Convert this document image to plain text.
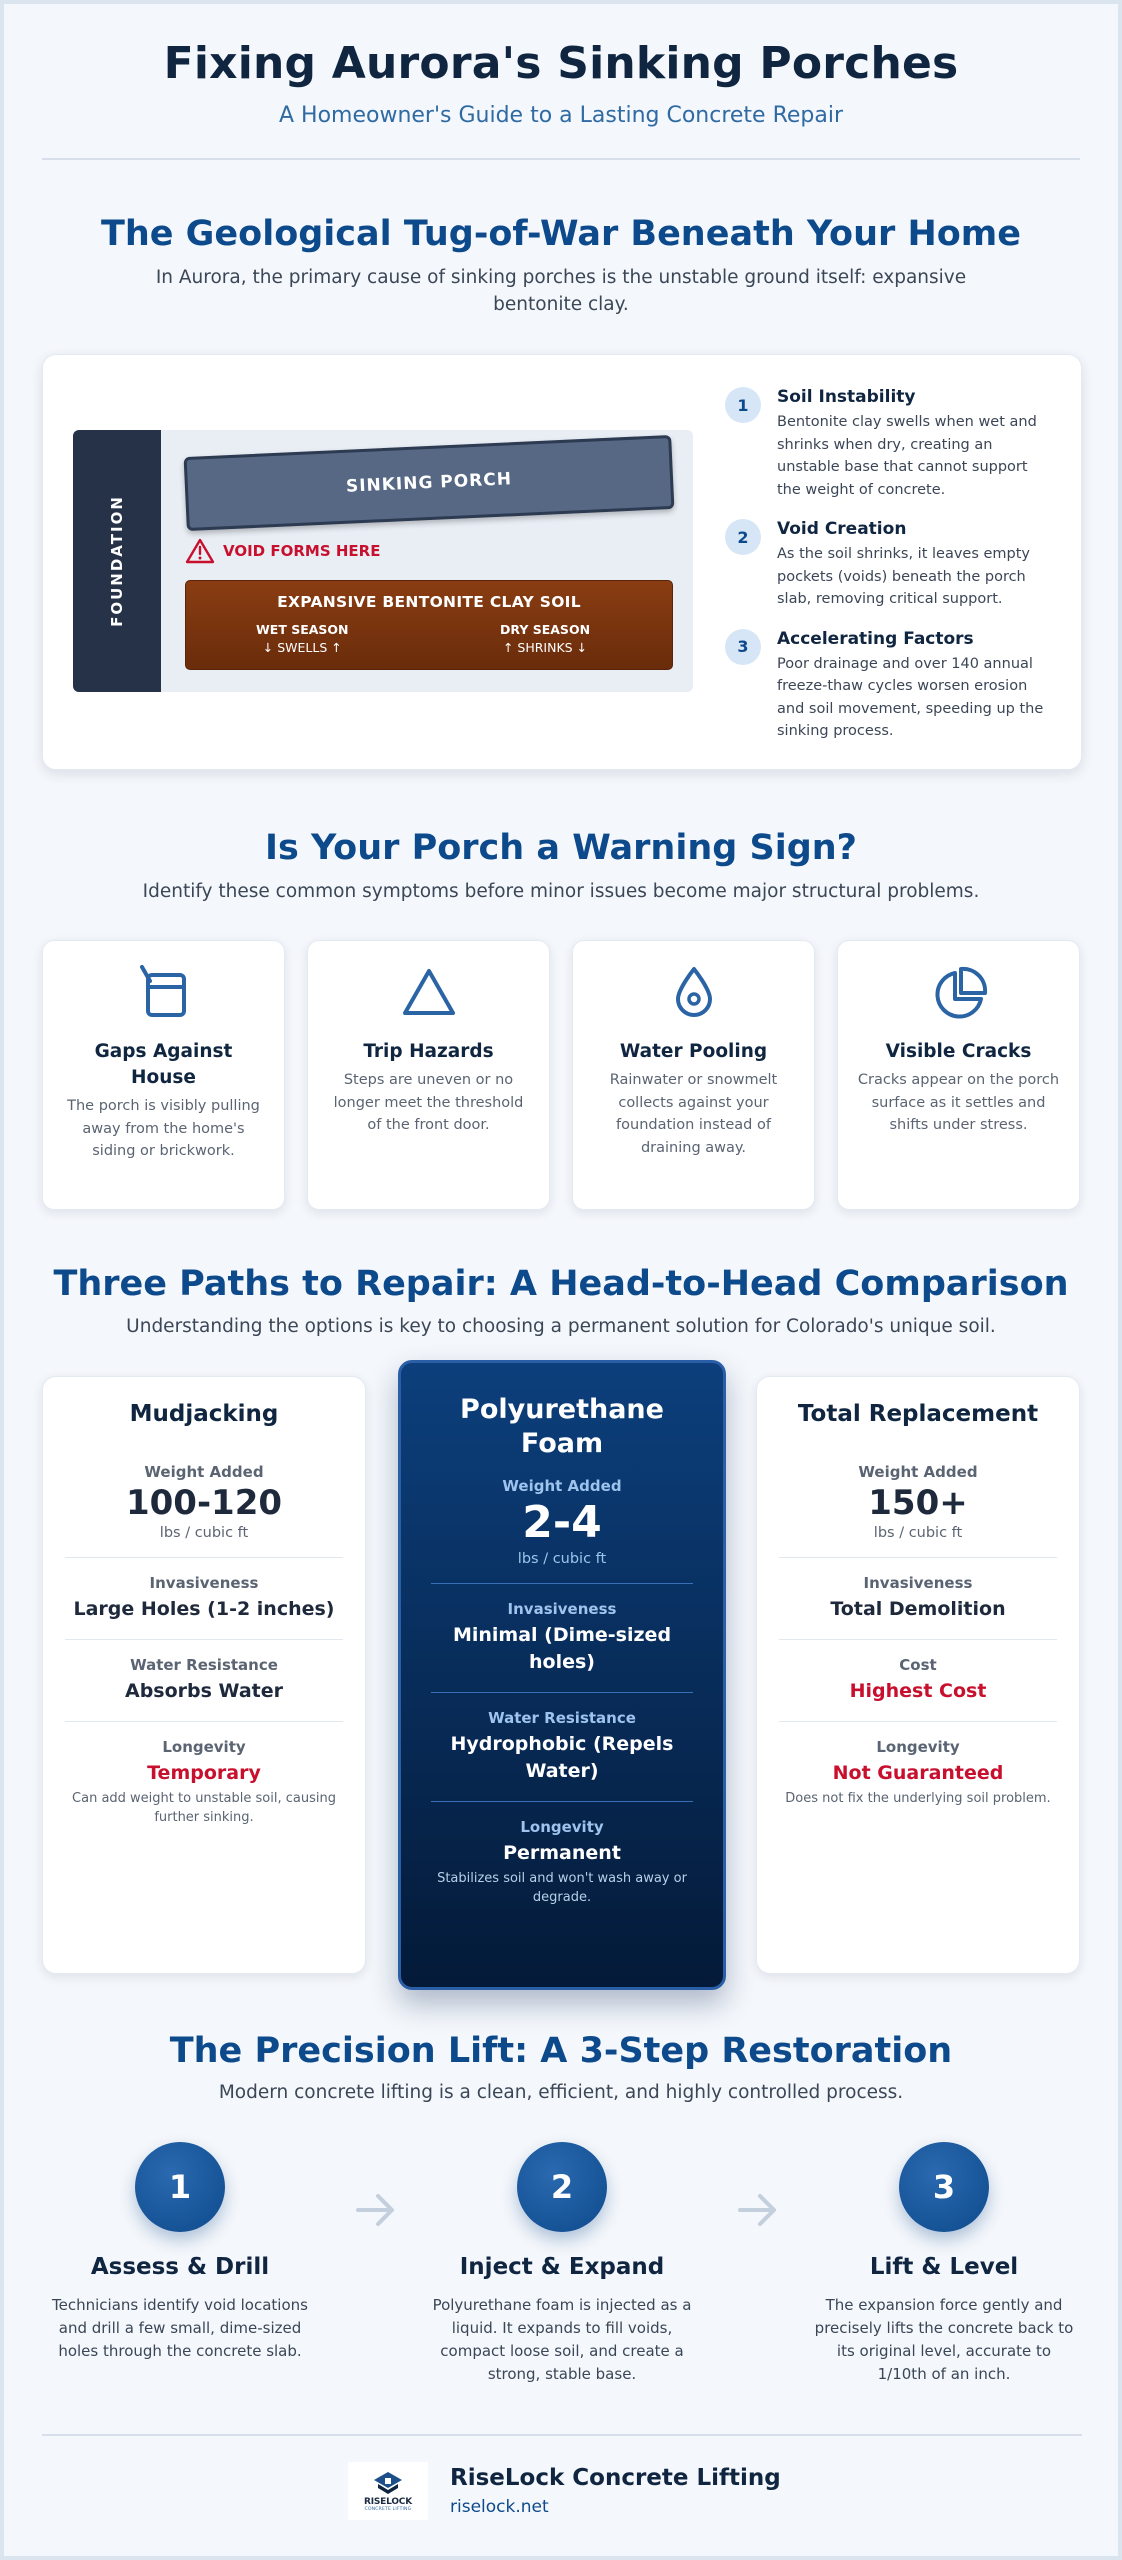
Fixing Aurora's Sinking Porches
A Homeowner's Guide to a Lasting Concrete Repair
The Geological Tug-of-War Beneath Your Home
In Aurora, the primary cause of sinking porches is the unstable ground itself: expansive bentonite clay.
FOUNDATION
SINKING PORCH
VOID FORMS HERE
EXPANSIVE BENTONITE CLAY SOIL
WET SEASON
↓ SWELLS ↑
DRY SEASON
↑ SHRINKS ↓
1	Soil Instability
Bentonite clay swells when wet and shrinks when dry, creating an unstable base that cannot support the weight of concrete.
2	Void Creation
As the soil shrinks, it leaves empty pockets (voids) beneath the porch slab, removing critical support.
3	Accelerating Factors
Poor drainage and over 140 annual freeze-thaw cycles worsen erosion and soil movement, speeding up the sinking process.
Is Your Porch a Warning Sign?
Identify these common symptoms before minor issues become major structural problems.
Gaps Against House
The porch is visibly pulling away from the home's siding or brickwork.
Trip Hazards
Steps are uneven or no longer meet the threshold of the front door.
Water Pooling
Rainwater or snowmelt collects against your foundation instead of draining away.
Visible Cracks
Cracks appear on the porch surface as it settles and shifts under stress.
Three Paths to Repair: A Head-to-Head Comparison
Understanding the options is key to choosing a permanent solution for Colorado's unique soil.
Mudjacking
Weight Added
100-120
lbs / cubic ft
Invasiveness
Large Holes (1-2 inches)
Water Resistance
Absorbs Water
Longevity
Temporary
Can add weight to unstable soil, causing further sinking.
Polyurethane Foam
Weight Added
2-4
lbs / cubic ft
Invasiveness
Minimal (Dime-sized holes)
Water Resistance
Hydrophobic (Repels Water)
Longevity
Permanent
Stabilizes soil and won't wash away or degrade.
Total Replacement
Weight Added
150+
lbs / cubic ft
Invasiveness
Total Demolition
Cost
Highest Cost
Longevity
Not Guaranteed
Does not fix the underlying soil problem.
The Precision Lift: A 3-Step Restoration
Modern concrete lifting is a clean, efficient, and highly controlled process.
1
Assess & Drill
Technicians identify void locations and drill a few small, dime-sized holes through the concrete slab.
2
Inject & Expand
Polyurethane foam is injected as a liquid. It expands to fill voids, compact loose soil, and create a strong, stable base.
3
Lift & Level
The expansion force gently and precisely lifts the concrete back to its original level, accurate to 1/10th of an inch.
RISELOCK
CONCRETE LIFTING
RiseLock Concrete Lifting
riselock.net
